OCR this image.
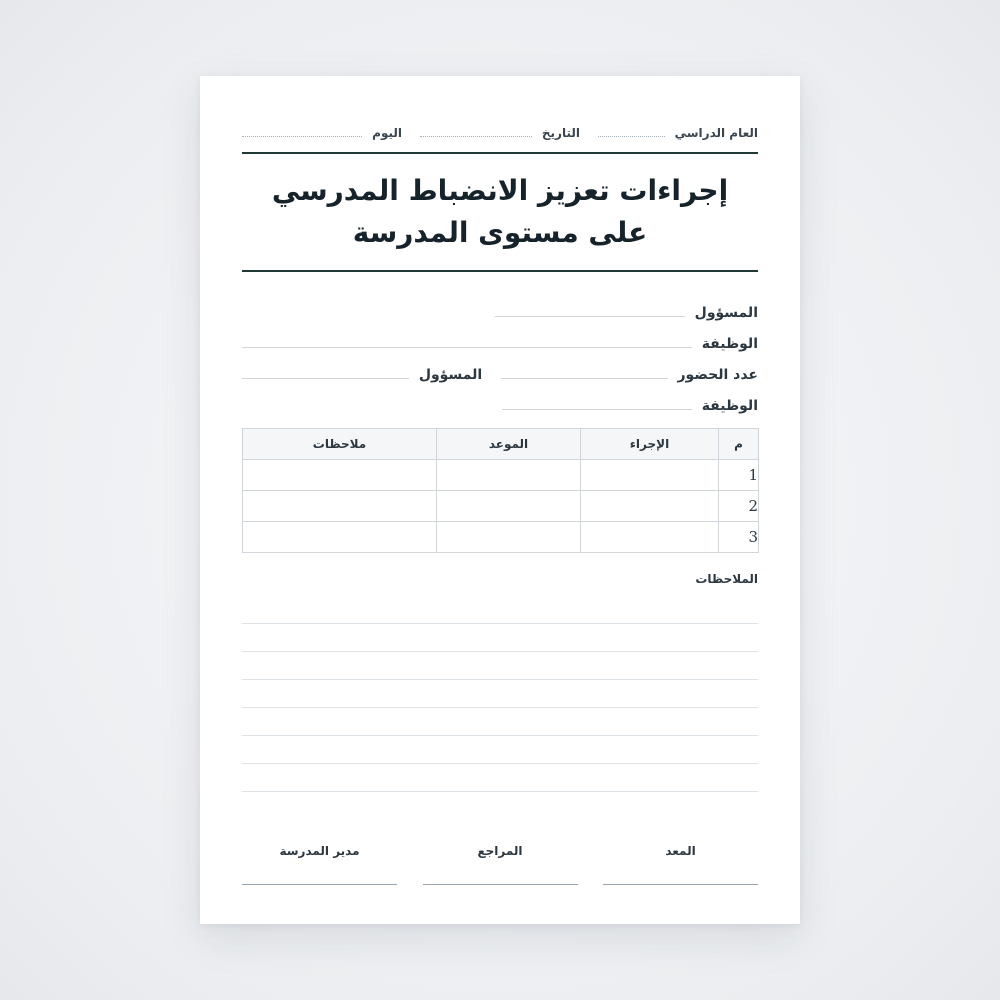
العام الدراسي
التاريخ
اليوم
إجراءات تعزيز الانضباط المدرسي
على مستوى المدرسة
المسؤول
الوظيفة
عدد الحضور
المسؤول
الوظيفة
م	الإجراء	الموعد	ملاحظات
1			
2			
3			
الملاحظات
المعد
المراجع
مدير المدرسة
